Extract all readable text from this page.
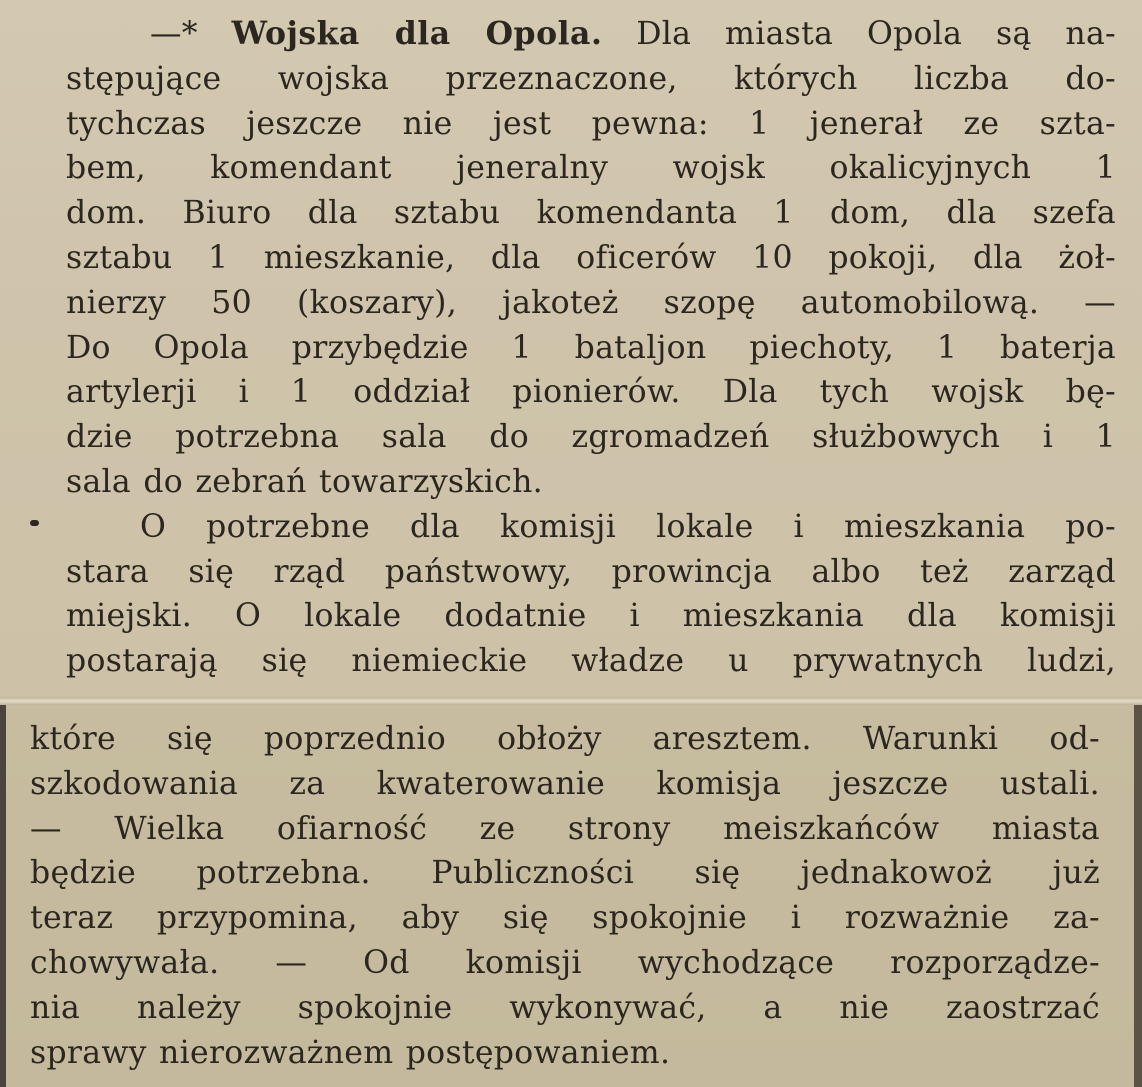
—* Wojska dla Opola. Dla miasta Opola są na-
stępujące wojska przeznaczone, których liczba do-
tychczas jeszcze nie jest pewna: 1 jenerał ze szta-
bem, komendant jeneralny wojsk okalicyjnych 1
dom. Biuro dla sztabu komendanta 1 dom, dla szefa
sztabu 1 mieszkanie, dla oficerów 10 pokoji, dla żoł-
nierzy 50 (koszary), jakoteż szopę automobilową. —
Do Opola przybędzie 1 bataljon piechoty, 1 baterja
artylerji i 1 oddział pionierów. Dla tych wojsk bę-
dzie potrzebna sala do zgromadzeń służbowych i 1
sala do zebrań towarzyskich.
O potrzebne dla komisji lokale i mieszkania po-
stara się rząd państwowy, prowincja albo też zarząd
miejski. O lokale dodatnie i mieszkania dla komisji
postarają się niemieckie władze u prywatnych ludzi,
które się poprzednio obłoży aresztem. Warunki od-
szkodowania za kwaterowanie komisja jeszcze ustali.
— Wielka ofiarność ze strony meiszkańców miasta
będzie potrzebna. Publiczności się jednakowoż już
teraz przypomina, aby się spokojnie i rozważnie za-
chowywała. — Od komisji wychodzące rozporządze-
nia należy spokojnie wykonywać, a nie zaostrzać
sprawy nierozważnem postępowaniem.
